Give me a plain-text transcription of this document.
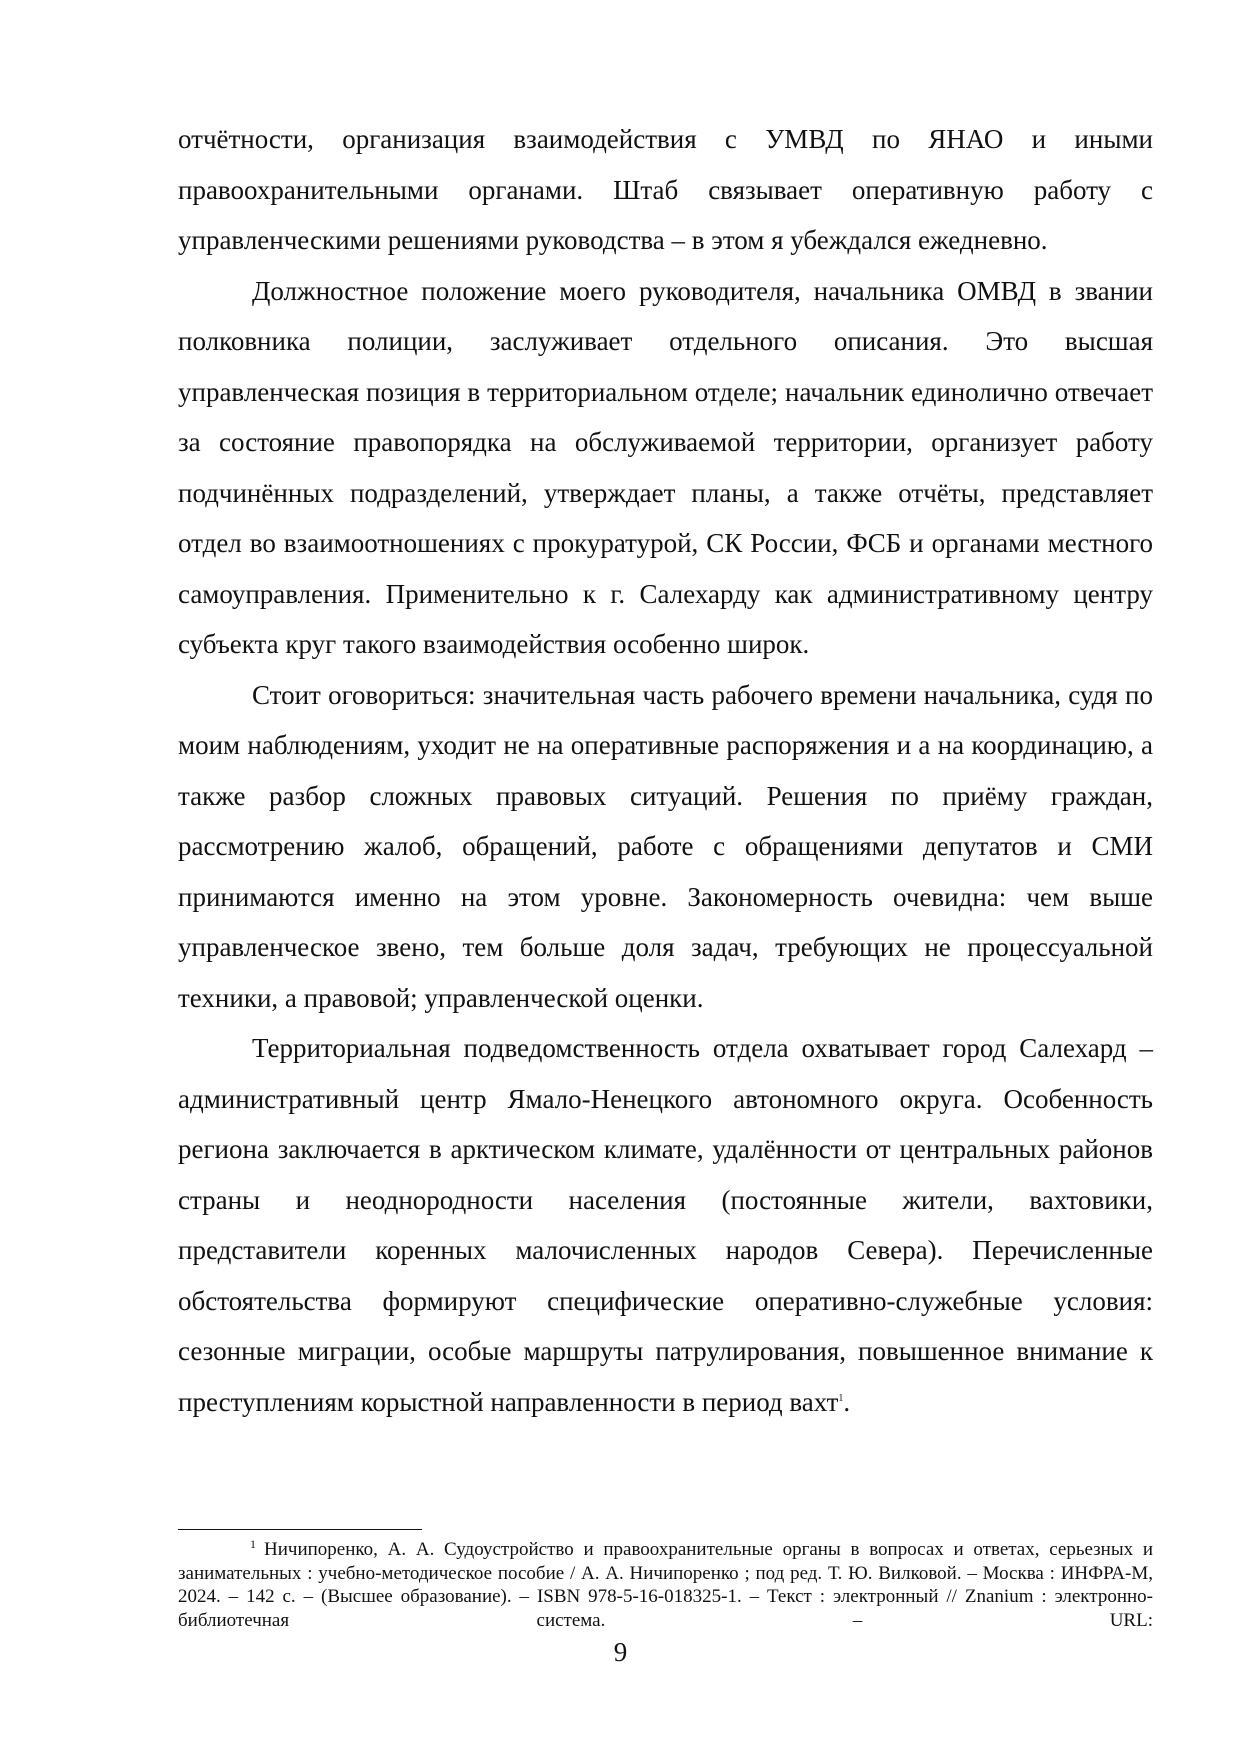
отчётности, организация взаимодействия с УМВД по ЯНАО и иными правоохранительными органами. Штаб связывает оперативную работу с управленческими решениями руководства – в этом я убеждался ежедневно.

Должностное положение моего руководителя, начальника ОМВД в звании полковника полиции, заслуживает отдельного описания. Это высшая управленческая позиция в территориальном отделе; начальник единолично отвечает за состояние правопорядка на обслуживаемой территории, организует работу подчинённых подразделений, утверждает планы, а также отчёты, представляет отдел во взаимоотношениях с прокуратурой, СК России, ФСБ и органами местного самоуправления. Применительно к г. Салехарду как административному центру субъекта круг такого взаимодействия особенно широк.

Стоит оговориться: значительная часть рабочего времени начальника, судя по моим наблюдениям, уходит не на оперативные распоряжения и а на координацию, а также разбор сложных правовых ситуаций. Решения по приёму граждан, рассмотрению жалоб, обращений, работе с обращениями депутатов и СМИ принимаются именно на этом уровне. Закономерность очевидна: чем выше управленческое звено, тем больше доля задач, требующих не процессуальной техники, а правовой; управленческой оценки.

Территориальная подведомственность отдела охватывает город Салехард – административный центр Ямало-Ненецкого автономного округа. Особенность региона заключается в арктическом климате, удалённости от центральных районов страны и неоднородности населения (постоянные жители, вахтовики, представители коренных малочисленных народов Севера). Перечисленные обстоятельства формируют специфические оперативно-служебные условия: сезонные миграции, особые маршруты патрулирования, повышенное внимание к преступлениям корыстной направленности в период вахт$^1$.

$^1$ Ничипоренко, А. А. Судоустройство и правоохранительные органы в вопросах и ответах, серьезных и занимательных : учебно-методическое пособие / А. А. Ничипоренко ; под ред. Т. Ю. Вилковой. – Москва : ИНФРА-М, 2024. – 142 с. – (Высшее образование). – ISBN 978-5-16-018325-1. – Текст : электронный // Znanium : электронно-библиотечная система. – URL:

9
